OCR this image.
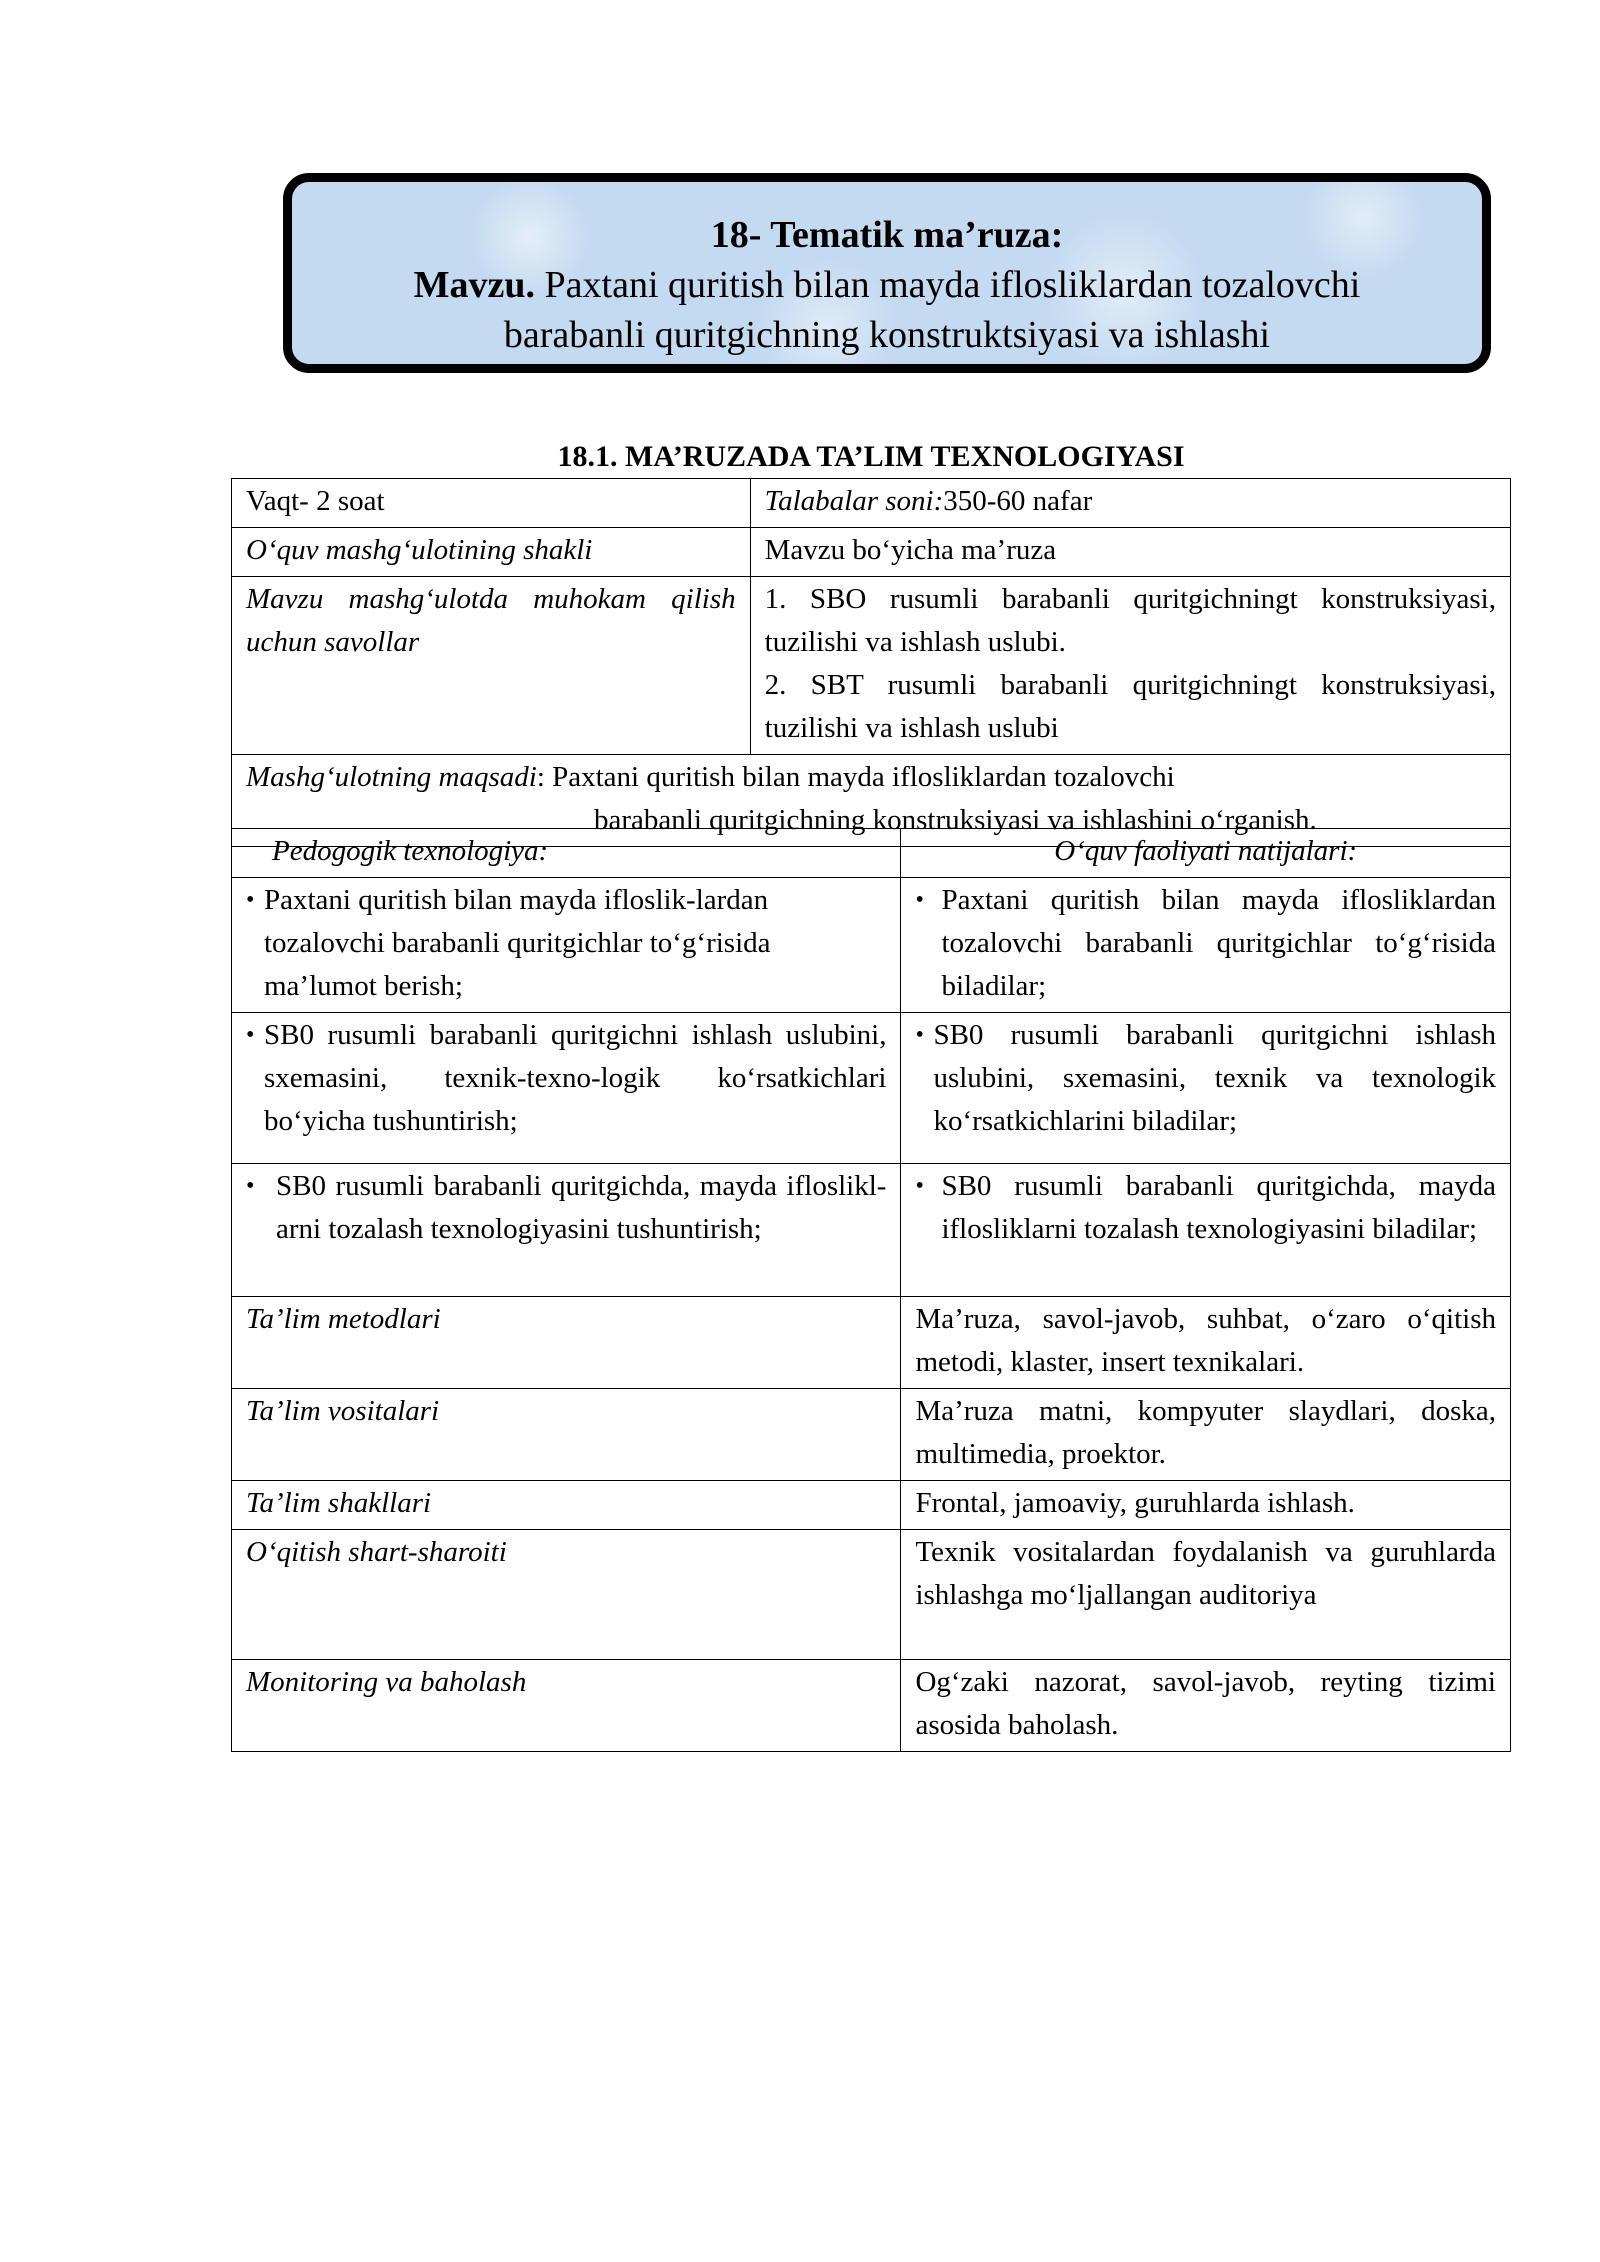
18- Tematik ma’ruza:
Mavzu. Paxtani quritish bilan mayda iflosliklardan tozalovchi
barabanli quritgichning konstruktsiyasi va ishlashi
18.1. MA’RUZADA TA’LIM TEXNOLOGIYASI
Vaqt- 2 soat	Talabalar soni:350-60 nafar
O‘quv mashg‘ulotining shakli	Mavzu bo‘yicha ma’ruza
Mavzu mashg‘ulotda muhokam qilish uchun savollar	1. SBO rusumli barabanli quritgichningt konstruksiyasi, tuzilishi va ishlash uslubi.
2. SBT rusumli barabanli quritgichningt konstruksiyasi, tuzilishi va ishlash uslubi

Mashg‘ulotning maqsadi: Paxtani quritish bilan mayda iflosliklardan tozalovchi
barabanli quritgichning konstruksiyasi va ishlashini o‘rganish.	
Pedogogik texnologiya:	O‘quv faoliyati natijalari:

• Paxtani quritish bilan mayda ifloslik-lardan tozalovchi barabanli quritgichlar to‘g‘risida ma’lumot berish;	• Paxtani quritish bilan mayda iflosliklardan tozalovchi barabanli quritgichlar to‘g‘risida biladilar;

• SB0 rusumli barabanli quritgichni ishlash uslubini, sxemasini, texnik-texno-logik ko‘rsatkichlari bo‘yicha tushuntirish;	• SB0 rusumli barabanli quritgichni ishlash uslubini, sxemasini, texnik va texnologik ko‘rsatkichlarini biladilar;

• SB0 rusumli barabanli quritgichda, mayda iflosliklarni tozalash texnologiyasini tushuntirish;	• SB0 rusumli barabanli quritgichda, mayda iflosliklarni tozalash texnologiyasini biladilar;

Ta’lim metodlari	Ma’ruza, savol-javob, suhbat, o‘zaro o‘qitish metodi, klaster, insert texnikalari.
Ta’lim vositalari	Ma’ruza matni, kompyuter slaydlari, doska, multimedia, proektor.
Ta’lim shakllari	Frontal, jamoaviy, guruhlarda ishlash.
O‘qitish shart-sharoiti	Texnik vositalardan foydalanish va guruhlarda ishlashga mo‘ljallangan auditoriya
Monitoring va baholash	Og‘zaki nazorat, savol-javob, reyting tizimi asosida baholash.
